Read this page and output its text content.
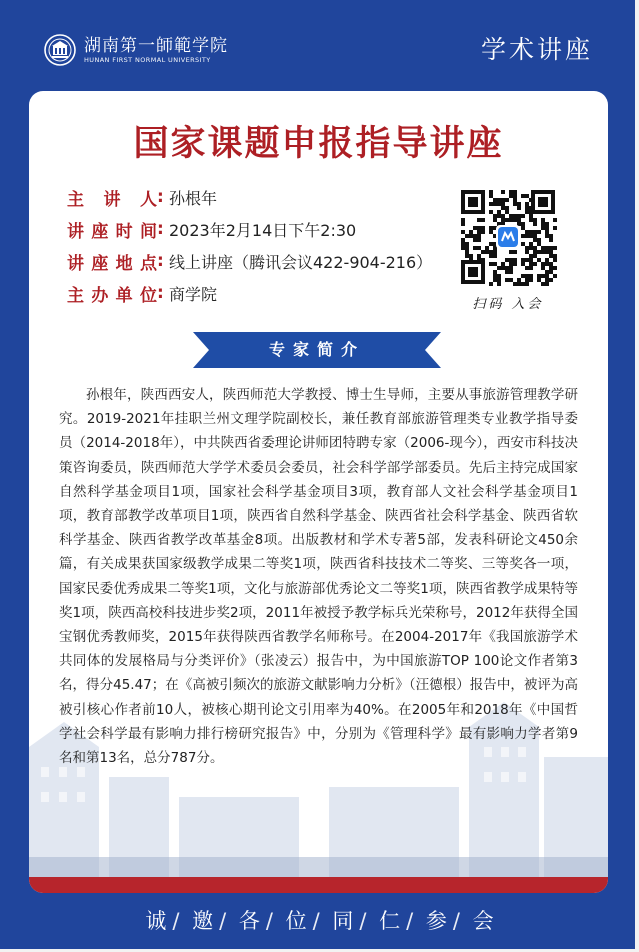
湖南第一師範学院
HUNAN FIRST NORMAL UNIVERSITY	学术讲座
国家课题申报指导讲座
主讲人 : 孙根年
讲座时间 : 2023年2月14日下午2:30
讲座地点 : 线上讲座（腾讯会议422-904-216）
主办单位 : 商学院
扫码 入会
专家简介
孙根年，陕西西安人，陕西师范大学教授、博士生导师，主要从事旅游管理教学研究。2019-2021年挂职兰州文理学院副校长，兼任教育部旅游管理类专业教学指导委员（2014-2018年），中共陕西省委理论讲师团特聘专家（2006-现今），西安市科技决策咨询委员，陕西师范大学学术委员会委员，社会科学部学部委员。先后主持完成国家自然科学基金项目1项，国家社会科学基金项目3项，教育部人文社会科学基金项目1项，教育部教学改革项目1项，陕西省自然科学基金、陕西省社会科学基金、陕西省软科学基金、陕西省教学改革基金8项。出版教材和学术专著5部，发表科研论文450余篇，有关成果获国家级教学成果二等奖1项，陕西省科技技术二等奖、三等奖各一项，国家民委优秀成果二等奖1项，文化与旅游部优秀论文二等奖1项，陕西省教学成果特等奖1项，陕西高校科技进步奖2项，2011年被授予教学标兵光荣称号，2012年获得全国宝钢优秀教师奖，2015年获得陕西省教学名师称号。在2004-2017年《我国旅游学术共同体的发展格局与分类评价》（张凌云）报告中，为中国旅游TOP 100论文作者第3名，得分45.47；在《高被引频次的旅游文献影响力分析》（汪德根）报告中，被评为高被引核心作者前10人，被核心期刊论文引用率为40%。在2005年和2018年《中国哲学社会科学最有影响力排行榜研究报告》中，分别为《管理科学》最有影响力学者第9名和第13名，总分787分。
诚 / 邀 / 各 / 位 / 同 / 仁 / 参 / 会
